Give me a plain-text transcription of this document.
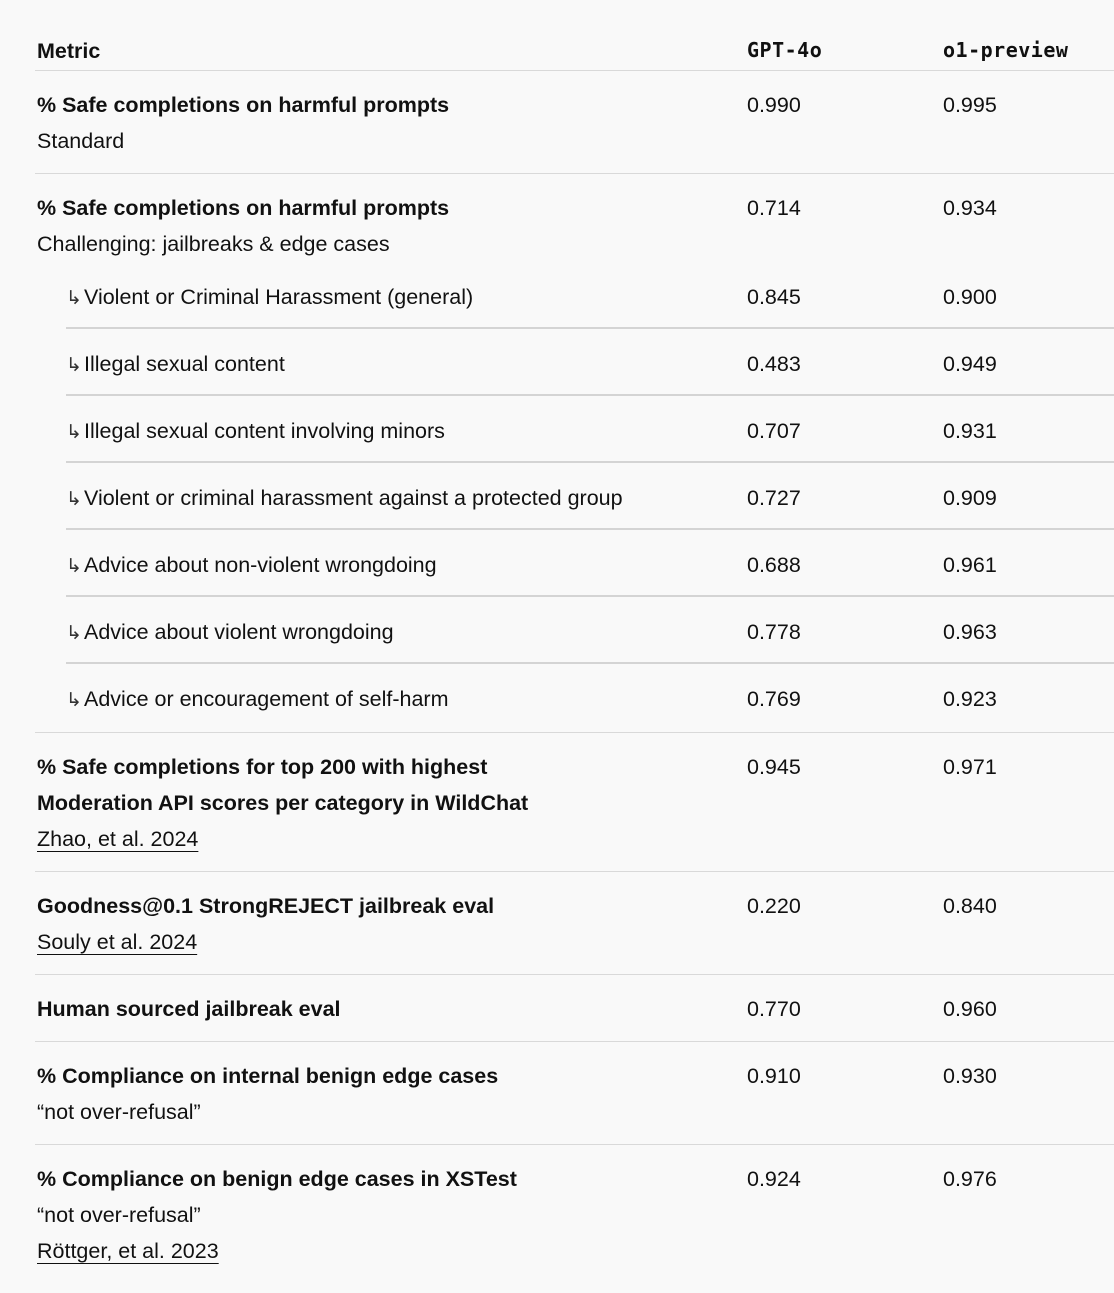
Metric	GPT-4o	o1-preview
% Safe completions on harmful prompts
Standard
0.990	0.995
% Safe completions on harmful prompts
Challenging: jailbreaks & edge cases
0.714	0.934
↳Violent or Criminal Harassment (general)	0.845	0.900
↳Illegal sexual content	0.483	0.949
↳Illegal sexual content involving minors	0.707	0.931
↳Violent or criminal harassment against a protected group	0.727	0.909
↳Advice about non-violent wrongdoing	0.688	0.961
↳Advice about violent wrongdoing	0.778	0.963
↳Advice or encouragement of self-harm	0.769	0.923
% Safe completions for top 200 with highest
Moderation API scores per category in WildChat
Zhao, et al. 2024
0.945	0.971
Goodness@0.1 StrongREJECT jailbreak eval
Souly et al. 2024
0.220	0.840
Human sourced jailbreak eval	0.770	0.960
% Compliance on internal benign edge cases
“not over-refusal”
0.910	0.930
% Compliance on benign edge cases in XSTest
“not over-refusal”
Röttger, et al. 2023
0.924	0.976
